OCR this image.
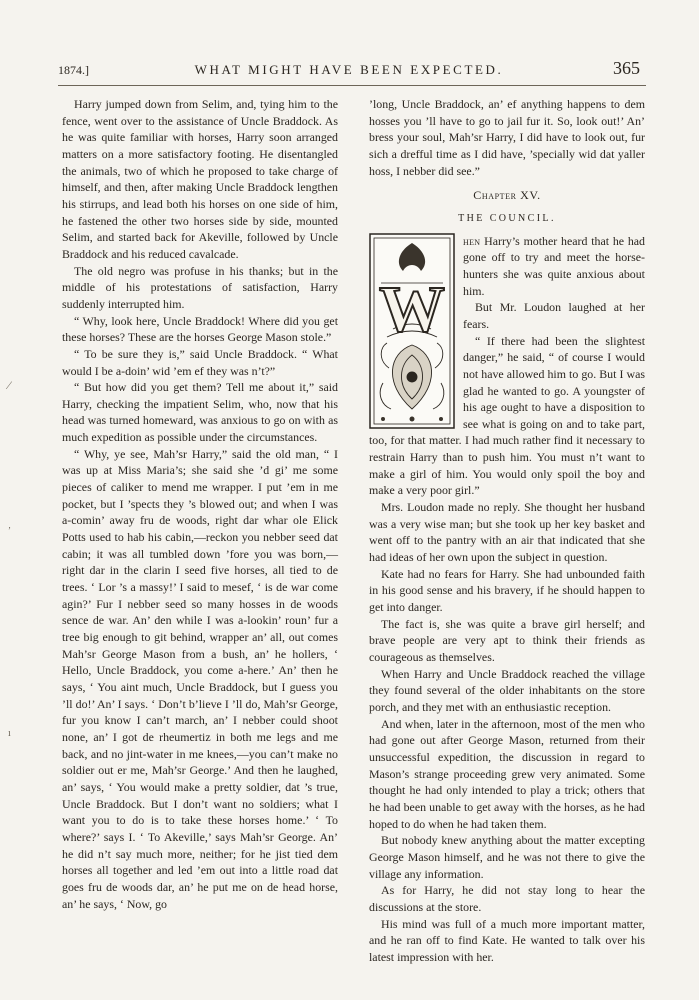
1874.]	WHAT MIGHT HAVE BEEN EXPECTED.	365
⁄
‚
ı

Harry jumped down from Selim, and, tying him to the fence, went over to the assistance of Uncle Braddock. As he was quite familiar with horses, Harry soon arranged matters on a more satisfactory footing. He disentangled the animals, two of which he proposed to take charge of himself, and then, after making Uncle Braddock lengthen his stirrups, and lead both his horses on one side of him, he fastened the other two horses side by side, mounted Selim, and started back for Akeville, followed by Uncle Braddock and his reduced cavalcade.

The old negro was profuse in his thanks; but in the middle of his protestations of satisfaction, Harry suddenly interrupted him.

“ Why, look here, Uncle Braddock! Where did you get these horses? These are the horses George Mason stole.”

“ To be sure they is,” said Uncle Braddock. “ What would I be a-doin’ wid ’em ef they was n’t?”

“ But how did you get them? Tell me about it,” said Harry, checking the impatient Selim, who, now that his head was turned homeward, was anxious to go on with as much expedition as possible under the circumstances.

“ Why, ye see, Mah’sr Harry,” said the old man, “ I was up at Miss Maria’s; she said she ’d gi’ me some pieces of caliker to mend me wrapper. I put ’em in me pocket, but I ’spects they ’s blowed out; and when I was a-comin’ away fru de woods, right dar whar ole Elick Potts used to hab his cabin,—reckon you nebber seed dat cabin; it was all tumbled down ’fore you was born,—right dar in the clarin I seed five horses, all tied to de trees. ‘ Lor ’s a massy!’ I said to mesef, ‘ is de war come agin?’ Fur I nebber seed so many hosses in de woods sence de war. An’ den while I was a-lookin’ roun’ fur a tree big enough to git behind, wrapper an’ all, out comes Mah’sr George Mason from a bush, an’ he hollers, ‘ Hello, Uncle Braddock, you come a-here.’ An’ then he says, ‘ You aint much, Uncle Braddock, but I guess you ’ll do!’ An’ I says. ‘ Don’t b’lieve I ’ll do, Mah’sr George, fur you know I can’t march, an’ I nebber could shoot none, an’ I got de rheumertiz in both me legs and me back, and no jint-water in me knees,—you can’t make no soldier out er me, Mah’sr George.’ And then he laughed, an’ says, ‘ You would make a pretty soldier, dat ’s true, Uncle Braddock. But I don’t want no soldiers; what I want you to do is to take these horses home.’ ‘ To where?’ says I. ‘ To Akeville,’ says Mah’sr George. An’ he did n’t say much more, neither; for he jist tied dem horses all together and led ’em out into a little road dat goes fru de woods dar, an’ he put me on de head horse, an’ he says, ‘ Now, go

’long, Uncle Braddock, an’ ef anything happens to dem hosses you ’ll have to go to jail fur it. So, look out!’ An’ bress your soul, Mah’sr Harry, I did have to look out, fur sich a drefful time as I did have, ’specially wid dat yaller hoss, I nebber did see.”

Chapter XV.
THE COUNCIL.
W

hen Harry’s mother heard that he had gone off to try and meet the horse-hunters she was quite anxious about him.

But Mr. Loudon laughed at her fears.

“ If there had been the slightest danger,” he said, “ of course I would not have allowed him to go. But I was glad he wanted to go. A youngster of his age ought to have a disposition to see what is going on and to take part, too, for that matter. I had much rather find it necessary to restrain Harry than to push him. You must n’t want to make a girl of him. You would only spoil the boy and make a very poor girl.”

Mrs. Loudon made no reply. She thought her husband was a very wise man; but she took up her key basket and went off to the pantry with an air that indicated that she had ideas of her own upon the subject in question.

Kate had no fears for Harry. She had unbounded faith in his good sense and his bravery, if he should happen to get into danger.

The fact is, she was quite a brave girl herself; and brave people are very apt to think their friends as courageous as themselves.

When Harry and Uncle Braddock reached the village they found several of the older inhabitants on the store porch, and they met with an enthusiastic reception.

And when, later in the afternoon, most of the men who had gone out after George Mason, returned from their unsuccessful expedition, the discussion in regard to Mason’s strange proceeding grew very animated. Some thought he had only intended to play a trick; others that he had been unable to get away with the horses, as he had hoped to do when he had taken them.

But nobody knew anything about the matter excepting George Mason himself, and he was not there to give the village any information.

As for Harry, he did not stay long to hear the discussions at the store.

His mind was full of a much more important matter, and he ran off to find Kate. He wanted to talk over his latest impression with her.
